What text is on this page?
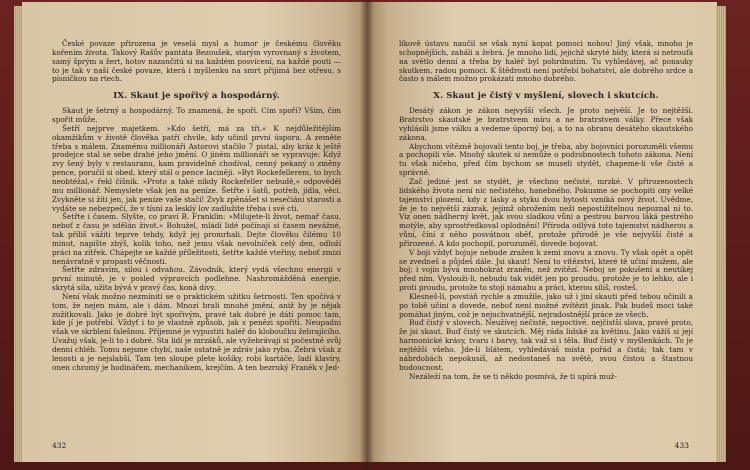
České povaze přirozena je veselá mysl a humor je českému člověku kořením života. Takový Rašův pantáta Bezoušek, starým vyrovnaný s životem, samý šprým a žert, hotov nazančitú si na každém posvícení, na každé pouti — to je tak v naší české povaze, která i myšlenku na smrt přijímá bez otřesu, s písničkou na rtech.

IX. Skaut je spořivý a hospodárný.

Skaut je šetrný a hospodárný. To znamená, že spoří. Cím spoří? Vším, čím spořit může.

Šetří nejprve majetkem. »Kdo šetří, má za tři.« K nejdůležitějším okamžikům v životě člověka patří chvíle, kdy učinil první úsporu. A zeměte třeba s málem. Znamému millionáři Astorovi stačilo 7 pistal, aby kráz k ještě prodejce stal se sebe drahé jeho jmění. O jiném millionáři se vypravuje: Když zvy šený byly v restauranu, kam pravidelně chodíval, cenný pekaný o změny pence, poručil si obed, který stál o pence laciněji. »Byt Rockefellerem, to bych neobtéžal,« řekl číšník. »Proto a také nikdy Rockefeller nebudě,« odpověděl mu millionář. Nemyslete však jen na peníze. Šetřte i šatů, potřeb, jídla, věcí. Zvykněte si žíti jen, jak peníze vaše stačí! Zvyk zpěnášet si nesečiáni starosti a vydáte se nebezpečí, že v tísni za lesklý lov zadlužite třeba i své cti.

Šetřte i časem. Slyšte, co praví B. Franklin: »Milujete-li život, nemař času, neboť z času je sdělán život.« Bohužel, mládí lidé počínají si časem nevážné, tak příliš vážiti teprve tehdy, když jej promrhali. Dejte člověku čilému 10 minut, napište zbýš, kolik toho, než jemu však nevolníček celý den, odloží práci na zítřek. Chápejte se každé příležitosti, šetřte každé vteřiny, neboť zmizí nenávratně v propasti věčnosti.

Šetřte zdravím, silou i odvahou. Závodník, který vydá všechnu energii v první minutě, je v posled výpravcích podlehne. Nashromážděná energie, skrytá síla, užita bývá v pravý čas, koná divy.

Není však možno nezmíniti se o praktickém užitku šetrnosti. Ten spočívá v tom, že nejen mám, ale i dám. Mnozí brali mnohé jmění, aniž by je nějak zužitkovali. Jako je dobré být spořivým, pravé tak dobré je dátí pomoc tam, kde jí je potřebí. Vždyť i to je vlastně způsob, jak s penězi spořiti. Neupadni však ve skrblení falešnou. Příjemné je vypustiti haléř do kloboučku žebrajícího. Uvažuj však, je-li to i dobré. Sta lidí je mrzáků, ale vyžebrávají si počestně svůj denní chléb. Tomu nejsme chybí, naše ostatně je zdráv jako ryba. Zebrá však z lenosti a je nejslabší, Tam ten sloupe plete košíky, robí kartáče, ladí klavíry, onen chromý je hodinářem, mechanikem, krejčím. A ten bezruký Franěk v Jed-

432

líkově ústavu naučil se však nyní kopat pomoci nohou! Jiný však, mnoho je schopnějších, zaháli a žebrá. Je mnoho lidí, jejichž skryté bídy, která si netroufá na světlo denní a třeba by haléř byl pohrdnutím. Tu vyhledávej, ač ponauky skutkem, radou pomoci. K štědrosti není potřebí bohatství, ale dobrého srdce a často s málem možno prokázati mnoho dobrého.

X. Skaut je čistý v myšlení, slovech i skutcích.

Desátý zákon je zákon nejvyšší všech. Je proto nejvěší. Je to nejtěžší. Bratrstvo skautské je bratrstvem míru a ne bratrstvem války. Přece však vyhlásili jsme válku a vedeme úporný boj, a to na obranu desátého skautského zákona.

Abychom vítězně bojovali tento boj, je třeba, aby bojovníci porozuměli všemu a pochopili vše. Mnohý skutek si nemůže o podrobnostech tohoto zákona. Není tu však ničeho, před čím bychom se museli stydět, chapeme-li vše čistě a správně.

Zač jediné jest se stydět, je všechno nečisté, mrzké. V přirozenostech lidského života není nic nečistého, hanebného. Pokusme se pochopiti ony velké tajemství plození, kdy z lásky a styku dvou bytosti vzniká nový život. Uvědme, že je to největší zázrak, jejímž ohrožením neži nepostižitelnou nepoznal ní to. Viz onen nádherný květ, jak svou sladkou vůni a pestrou barvou láká pestrého motýle, aby sprostředkoval oplodnění! Příroda odlývá toto tajemství nádherou a vůní, číní z něho posvátnou oběť, protože přírodě je vše nejvyšší čisté a přirozené. A kdo pochopil, porozuměl, dovede bojovat.

V boji vždyť bojuje nebude zražen k zemi znovu a znovu. Ty však opět a opět se zvedneš a půjdeš dále. Jsi skaut! Není to vítězství, které tě učiní mužem, ale boj; i vojín bývá mnohokrát zraněn, než zvítězí. Neboj se pokušení a neutíkej před ním. Vyslouží-li, nebudu tak vidět jen po proudu, protože je to lehko, ale i proti proudu, protože to stojí námahu a práci, kterou sílíš, rosteš.

Klesneš-li, povstáň rychle a zmužile, jako už i jiní skauti před tebou učinili a po tobě učiní a dovede, neboť není možné zvítězit jinak. Pak budeš moci také pomáhat jiným, což je nejuchvatnější, nejradostnější práce ze všech.

Buď čistý v slovech. Neužívej nečistě, nepoctivé, nejčistší slova, pravé proto, že jsi skaut. Buď čistý ve skutcích. Měj ráda lidské za květinu. Jako vážíš si její harmonické krásy, tvaru i barvy, tak važ si i těla. Buď čistý v myšlenkách. To je nejtěžší všeho. Jde-li blátem, vyhledáváš místa pořád a čistá; tak tam v nábrdobách nepokusíš, až nedostaneš na světě, svou čistou a štastnou budoucnost.

Nezáleží na tom, že se ti někdo posmívá, že ti upírá muž-

433
